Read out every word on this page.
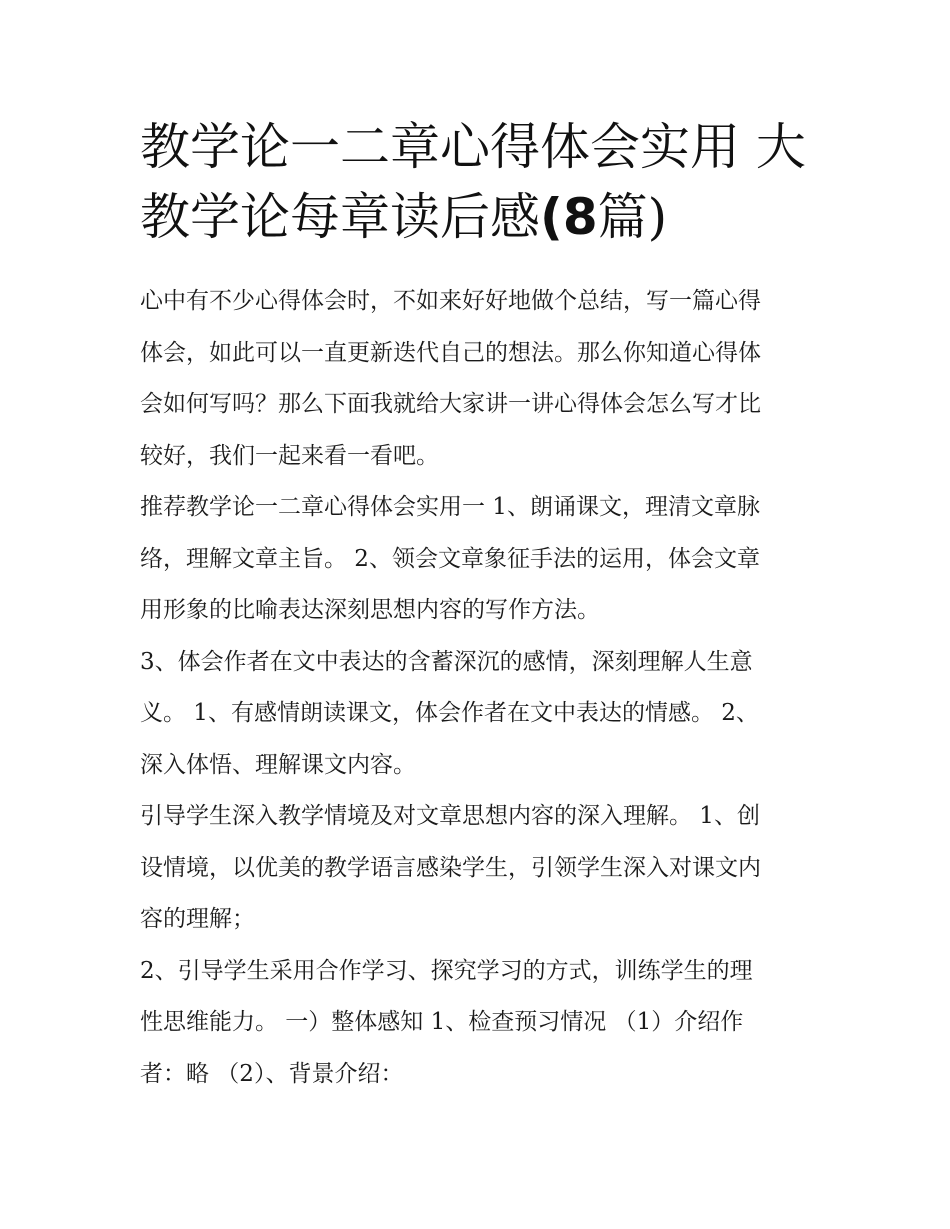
教学论一二章心得体会实用 大
教学论每章读后感(8篇)
心中有不少心得体会时，不如来好好地做个总结，写一篇心得
体会，如此可以一直更新迭代自己的想法。那么你知道心得体
会如何写吗？那么下面我就给大家讲一讲心得体会怎么写才比
较好，我们一起来看一看吧。
推荐教学论一二章心得体会实用一 1、朗诵课文，理清文章脉
络，理解文章主旨。 2、领会文章象征手法的运用，体会文章
用形象的比喻表达深刻思想内容的写作方法。
3、体会作者在文中表达的含蓄深沉的感情，深刻理解人生意
义。 1、有感情朗读课文，体会作者在文中表达的情感。 2、
深入体悟、理解课文内容。
引导学生深入教学情境及对文章思想内容的深入理解。 1、创
设情境，以优美的教学语言感染学生，引领学生深入对课文内
容的理解；
2、引导学生采用合作学习、探究学习的方式，训练学生的理
性思维能力。 一）整体感知 1、检查预习情况 （1）介绍作
者：略 （2）、背景介绍：
